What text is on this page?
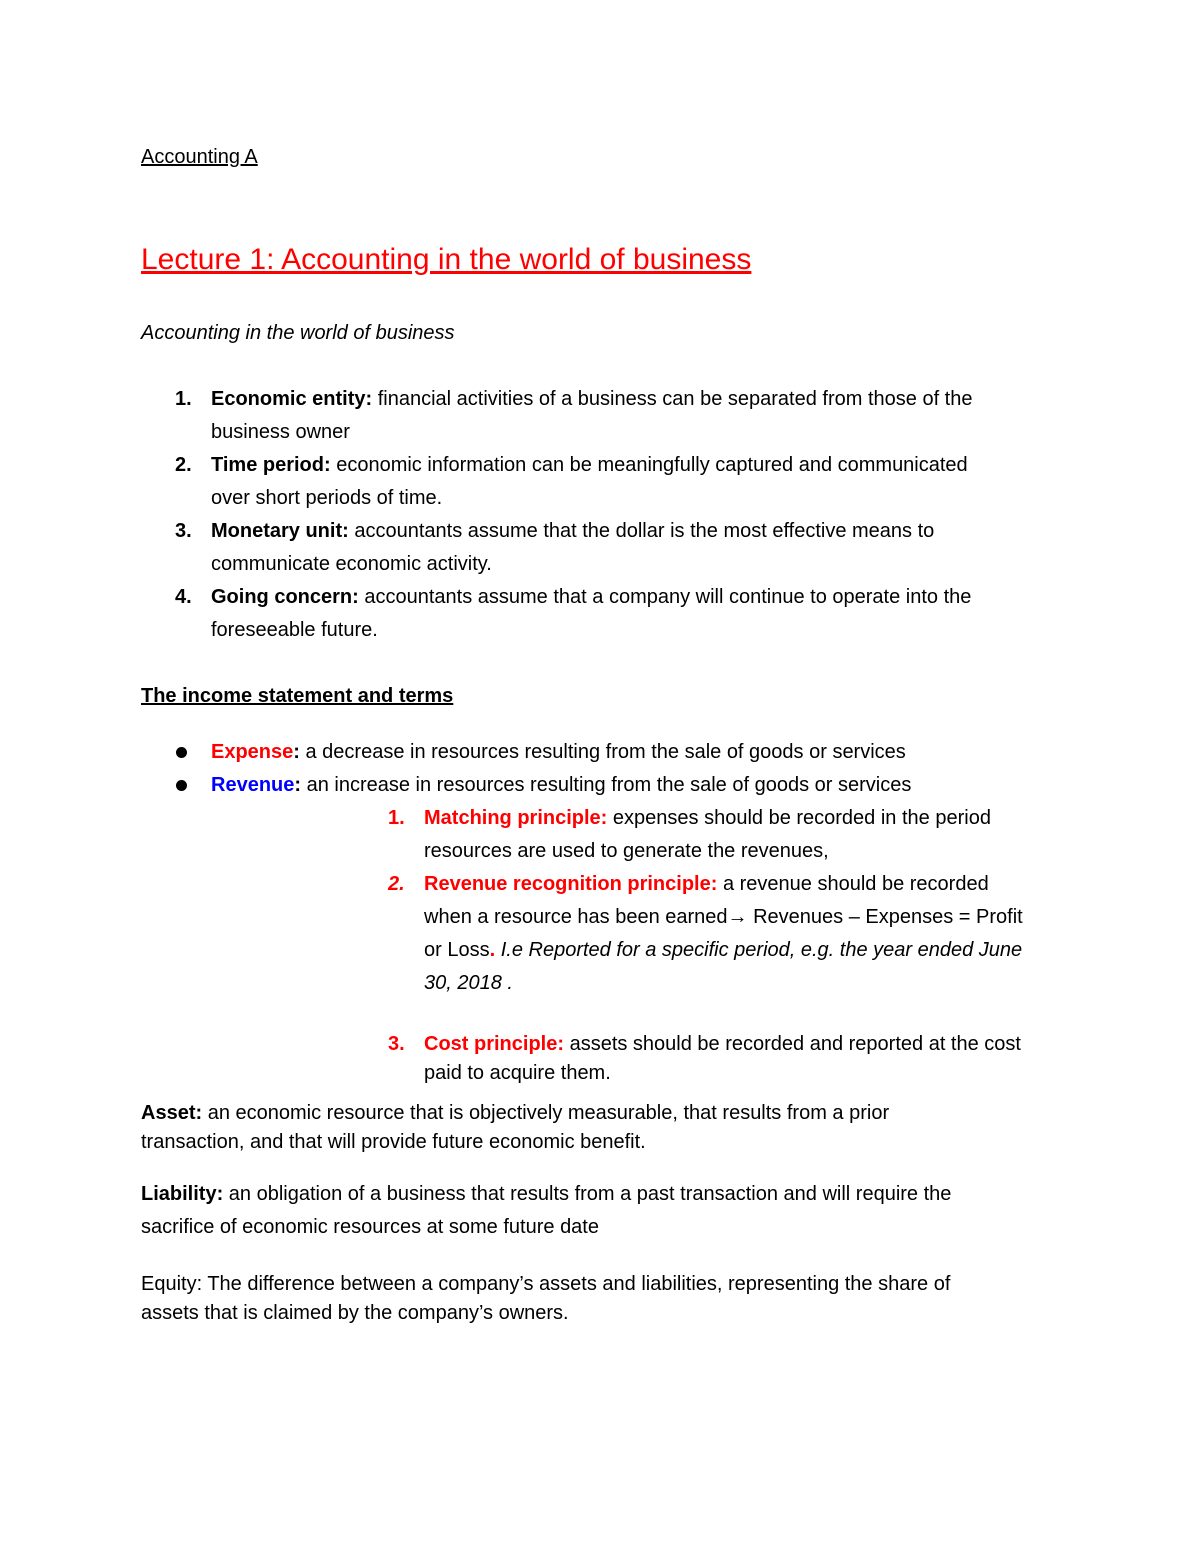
Accounting A
Lecture 1: Accounting in the world of business
Accounting in the world of business
1. Economic entity: financial activities of a business can be separated from those of the
business owner
2. Time period: economic information can be meaningfully captured and communicated
over short periods of time.
3. Monetary unit: accountants assume that the dollar is the most effective means to
communicate economic activity.
4. Going concern: accountants assume that a company will continue to operate into the
foreseeable future.
The income statement and terms
Expense: a decrease in resources resulting from the sale of goods or services
Revenue: an increase in resources resulting from the sale of goods or services
1. Matching principle: expenses should be recorded in the period
resources are used to generate the revenues,
2. Revenue recognition principle: a revenue should be recorded
when a resource has been earned→ Revenues – Expenses = Profit
or Loss. I.e Reported for a specific period, e.g. the year ended June
30, 2018 .
3. Cost principle: assets should be recorded and reported at the cost
paid to acquire them.
Asset: an economic resource that is objectively measurable, that results from a prior
transaction, and that will provide future economic benefit.
Liability: an obligation of a business that results from a past transaction and will require the
sacrifice of economic resources at some future date
Equity: The difference between a company’s assets and liabilities, representing the share of
assets that is claimed by the company’s owners.
